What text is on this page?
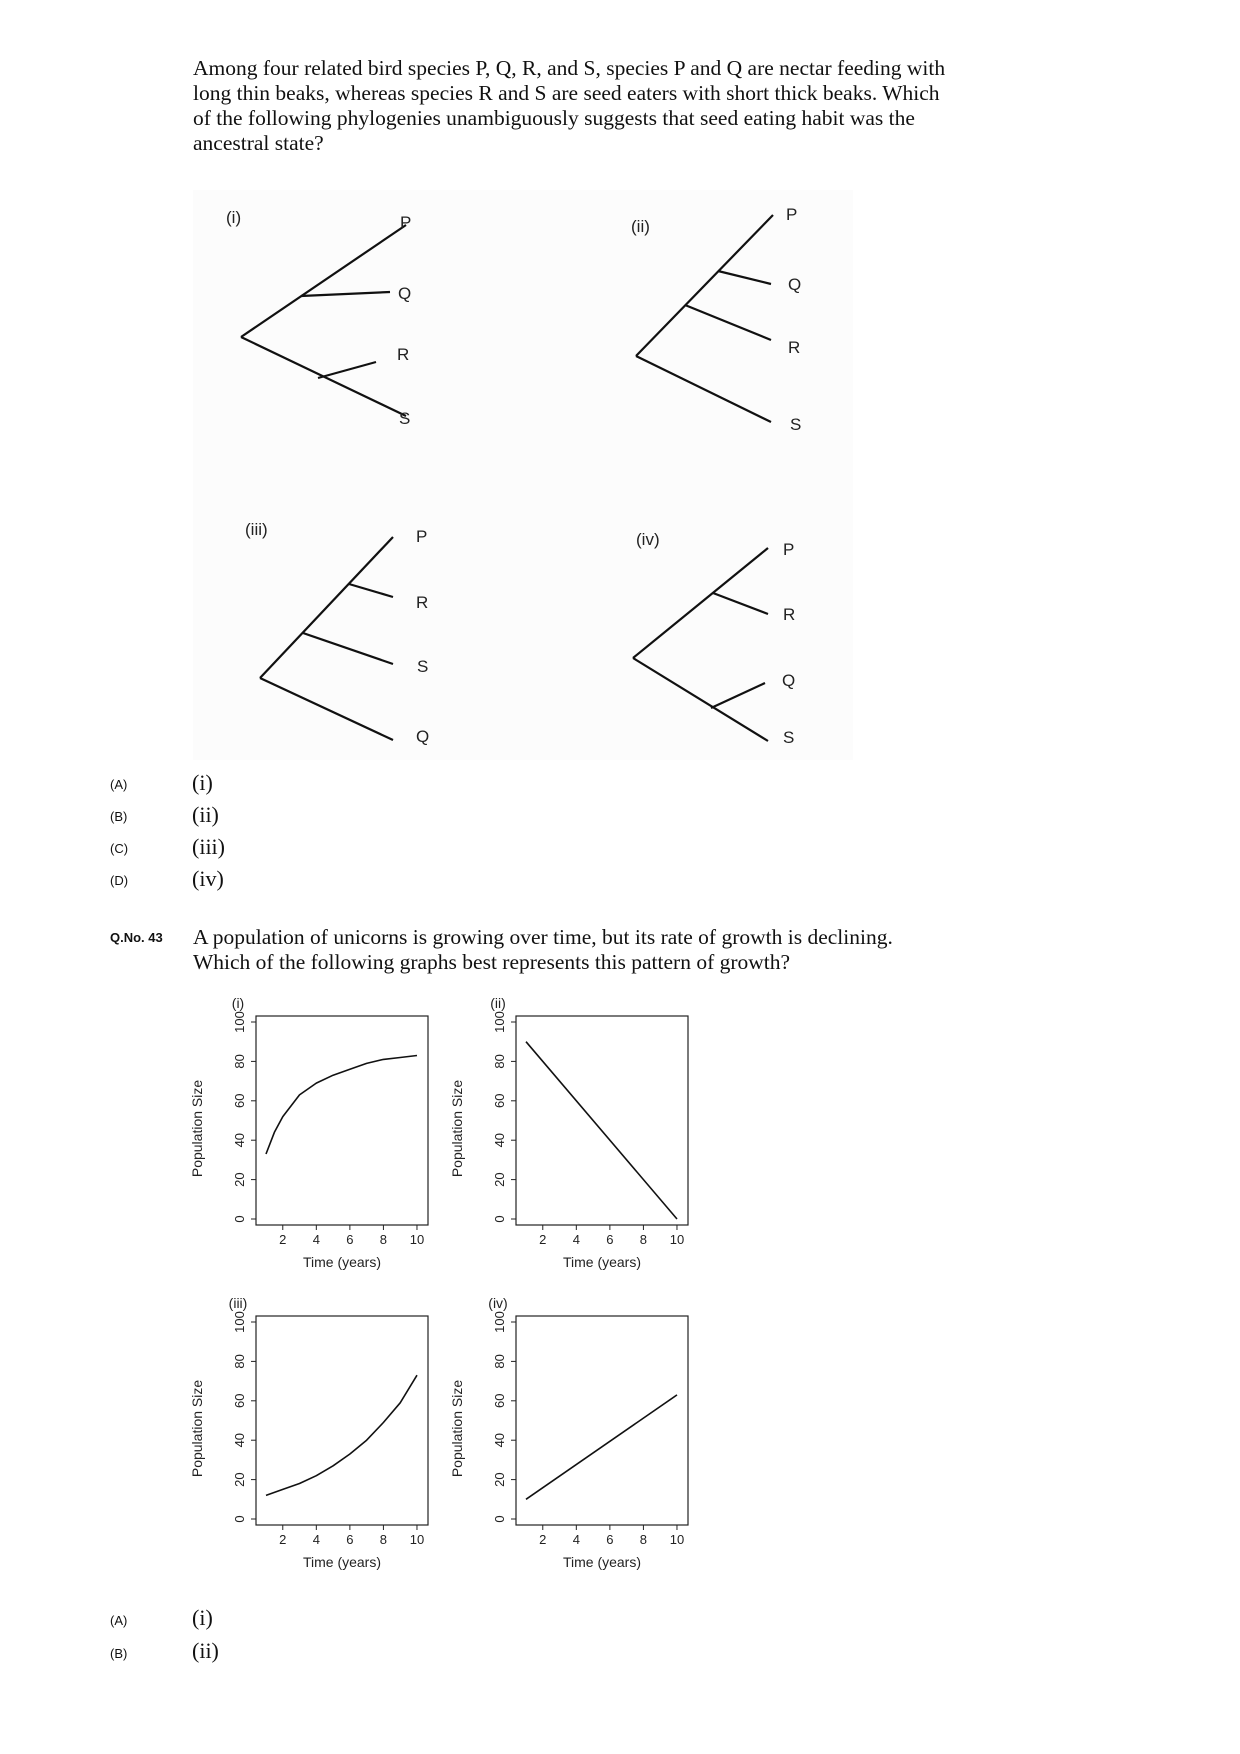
Among four related bird species P, Q, R, and S, species P and Q are nectar feeding with long thin beaks, whereas species R and S are seed eaters with short thick beaks. Which of the following phylogenies unambiguously suggests that seed eating habit was the ancestral state?
(i)	P
Q
R
S
(ii)
P
Q
R
S
(iii)	P
R
S
Q
(iv)
P
R
Q
S
(A)	(i)
(B)	(ii)
(C)	(iii)
(D)	(iv)
Q.No. 43 A population of unicorns is growing over time, but its rate of growth is declining. Which of the following graphs best represents this pattern of growth?
(i)
2 4 6 8 10
0
20
40
60
80
100
Time (years)
Population Size
(ii)
2 4 6 8 10
0
20
40
60
80
100
Time (years)
Population Size
(iii)
2 4 6 8 10
0
20
40
60
80
100
Time (years)
Population Size
(iv)
2 4 6 8 10
0
20
40
60
80
100
Time (years)
Population Size
(A)	(i)
(B)	(ii)
